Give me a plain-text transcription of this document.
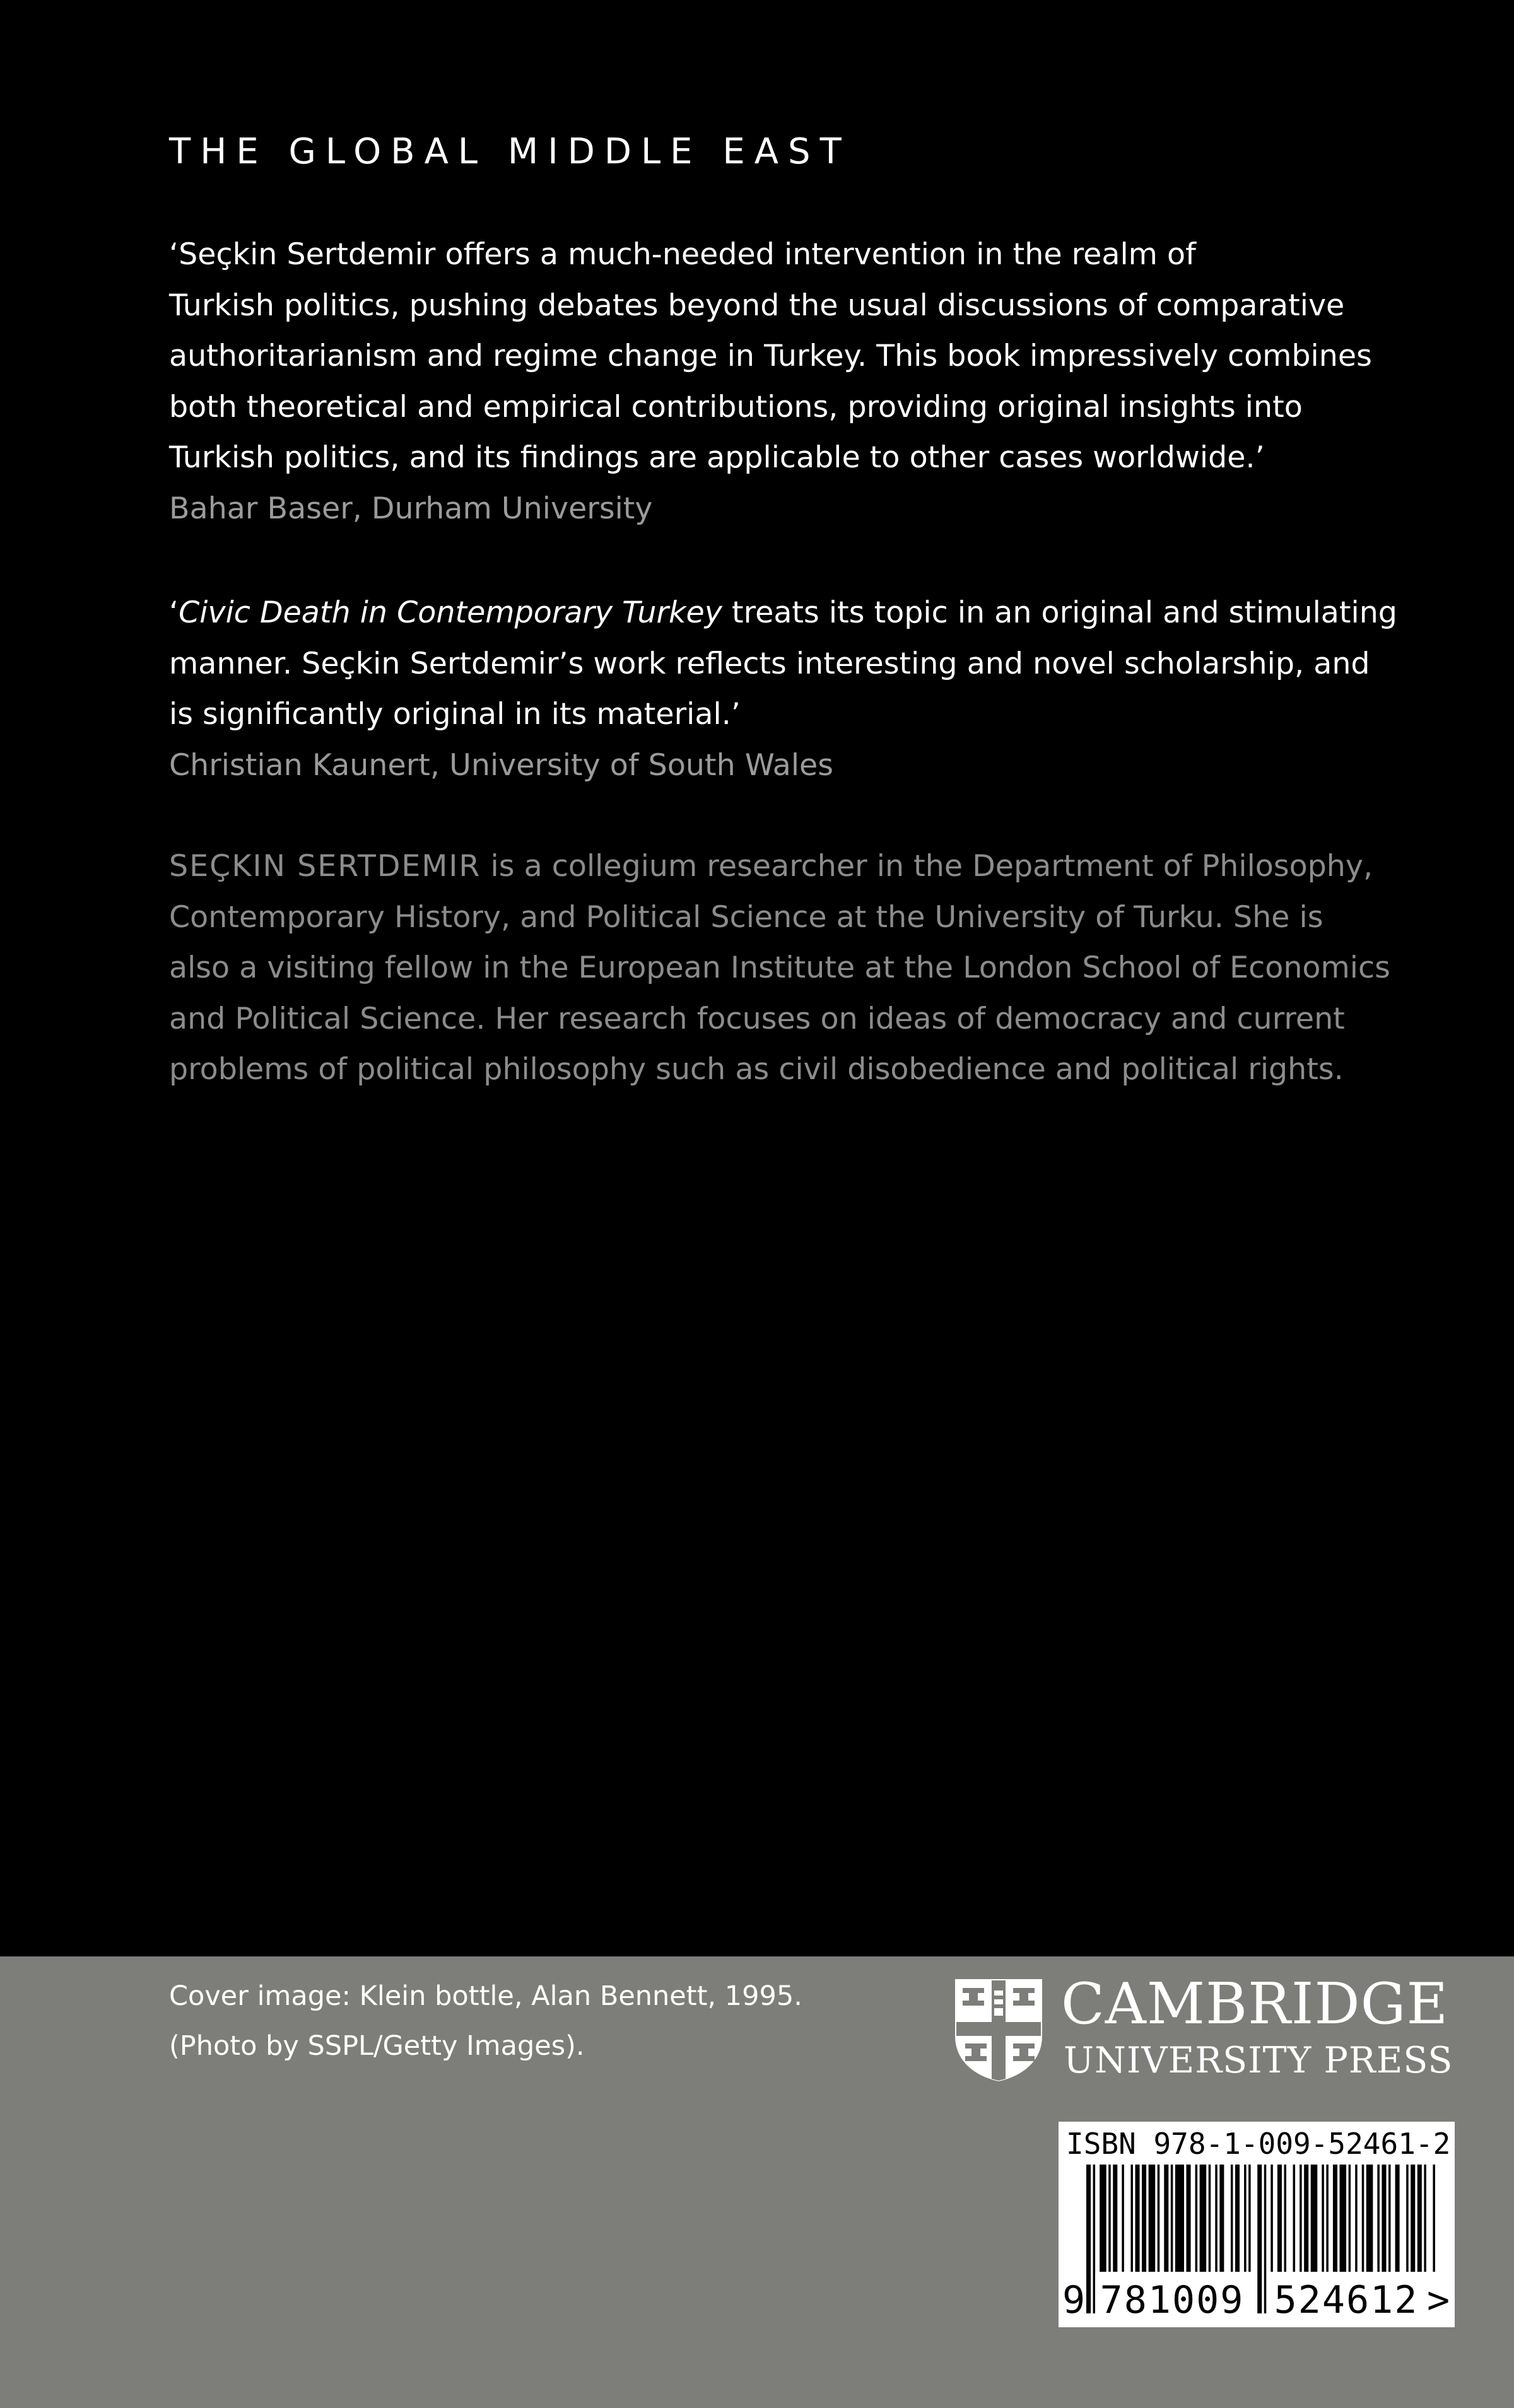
THE GLOBAL MIDDLE EAST
‘Seçkin Sertdemir offers a much-needed intervention in the realm of
Turkish politics, pushing debates beyond the usual discussions of comparative
authoritarianism and regime change in Turkey. This book impressively combines
both theoretical and empirical contributions, providing original insights into
Turkish politics, and its findings are applicable to other cases worldwide.’
Bahar Baser, Durham University
‘Civic Death in Contemporary Turkey treats its topic in an original and stimulating
manner. Seçkin Sertdemir’s work reflects interesting and novel scholarship, and
is significantly original in its material.’
Christian Kaunert, University of South Wales
SEÇKIN SERTDEMIR is a collegium researcher in the Department of Philosophy,
Contemporary History, and Political Science at the University of Turku. She is
also a visiting fellow in the European Institute at the London School of Economics
and Political Science. Her research focuses on ideas of democracy and current
problems of political philosophy such as civil disobedience and political rights.
Cover image: Klein bottle, Alan Bennett, 1995.
(Photo by SSPL/Getty Images).
CAMBRIDGE
UNIVERSITY PRESS
ISBN 978-1-009-52461-2
9 781009 524612 >
